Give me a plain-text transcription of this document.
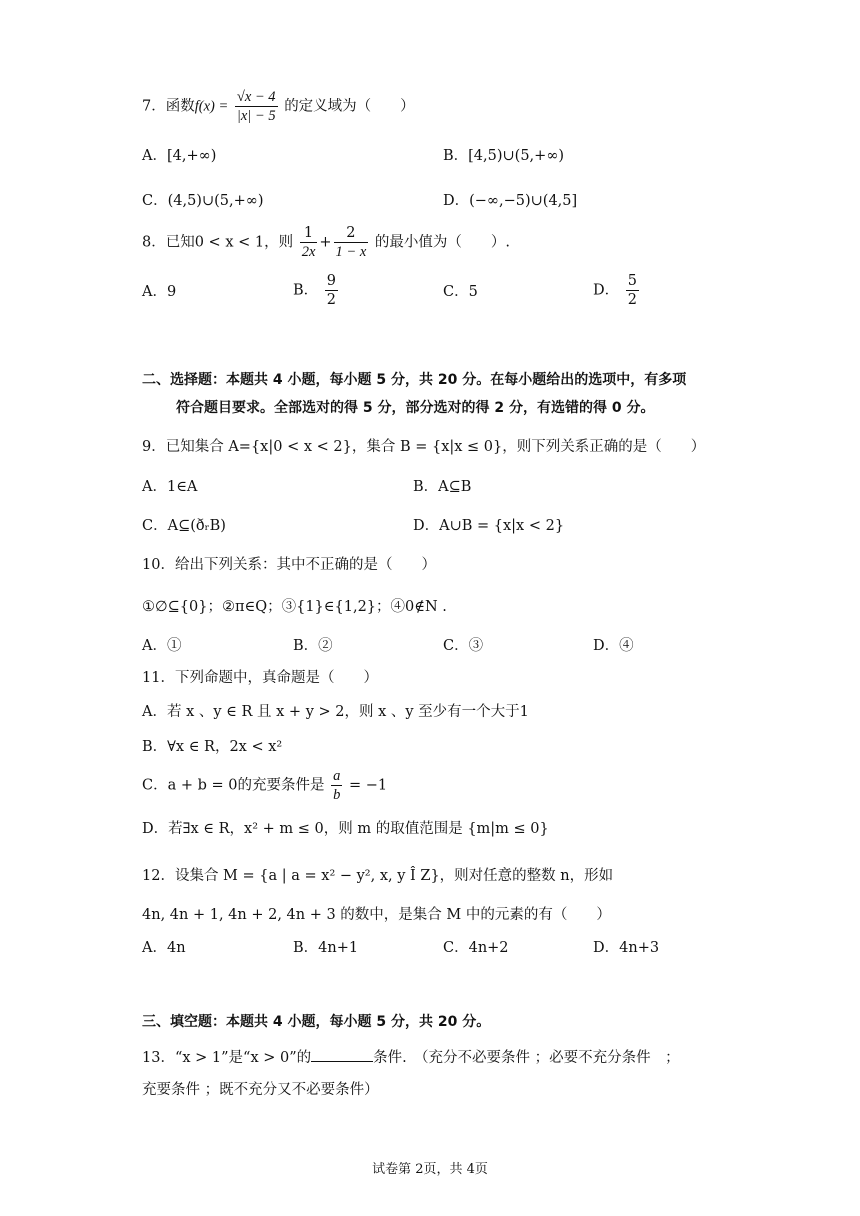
7．函数$f(x) = \frac{√x - 4}{|x| - 5}$ 的定义域为（　　）
A．[4,+∞)	B．[4,5)∪(5,+∞)
C．(4,5)∪(5,+∞)	D．(−∞,−5)∪(4,5]
8．已知0 < x < 1，则 $\frac{1}{2x} + \frac{2}{1 - x}$ 的最小值为（　　）.
A．9	B． $\frac{9}{2}$	C．5	D． $\frac{5}{2}$
二、选择题：本题共 4 小题，每小题 5 分，共 20 分。在每小题给出的选项中，有多项
符合题目要求。全部选对的得 5 分，部分选对的得 2 分，有选错的得 0 分。
9．已知集合 A={x|0 < x < 2}，集合 B = {x|x ≤ 0}，则下列关系正确的是（　　）
A．1∈A	B．A⊆B
C．A⊆(ðᵣB)	D．A∪B = {x|x < 2}
10．给出下列关系：其中不正确的是（　　）
①∅⊆{0}；②π∈Q；③{1}∈{1,2}；④0∉N .
A．①	B．②	C．③	D．④
11．下列命题中，真命题是（　　）
A．若 x 、y ∈ R 且 x + y > 2，则 x 、y 至少有一个大于1
B．∀x ∈ R，2x < x²
C．a + b = 0的充要条件是 $\frac{a}{b} = -1$
D．若∃x ∈ R，x² + m ≤ 0，则 m 的取值范围是 {m|m ≤ 0}
12．设集合 M = {a | a = x² − y², x, y Î Z}，则对任意的整数 n，形如
4n, 4n + 1, 4n + 2, 4n + 3 的数中，是集合 M 中的元素的有（　　）
A．4n	B．4n+1	C．4n+2	D．4n+3
三、填空题：本题共 4 小题，每小题 5 分，共 20 分。
13．“x > 1”是“x > 0”的	条件.　（充分不必要条件 ；必要不充分条件　；
充要条件 ；既不充分又不必要条件）
试卷第 2页，共 4页
